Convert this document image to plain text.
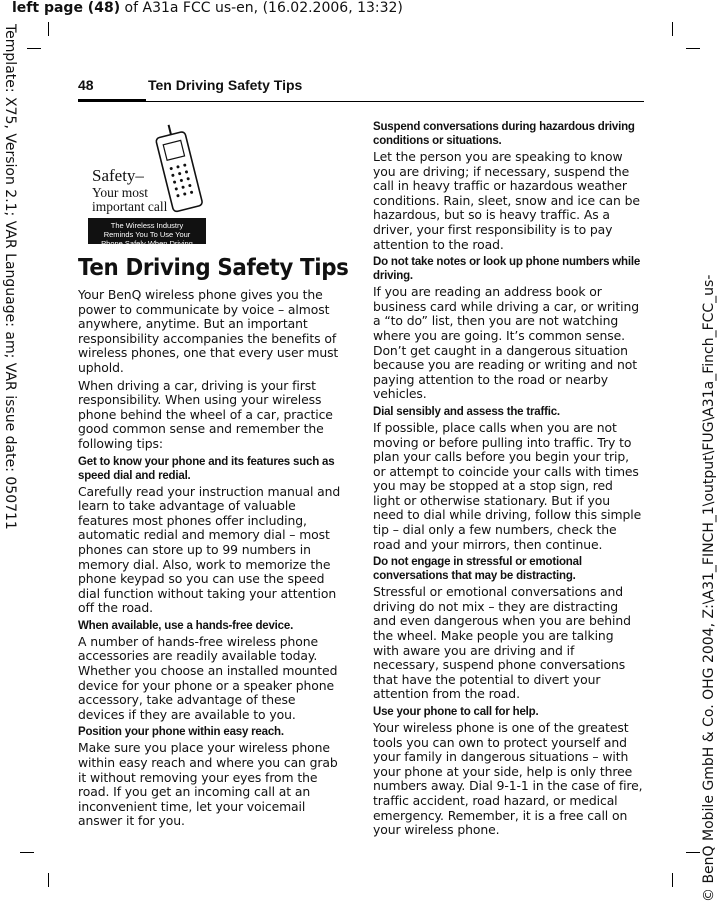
left page (48) of A31a FCC us-en, (16.02.2006, 13:32)
Template: X75, Version 2.1; VAR Language: am; VAR issue date: 050711	© BenQ Mobile GmbH & Co. OHG 2004, Z:\A31_FINCH_1\output\FUG\A31a_Finch_FCC_us-
48	Ten Driving Safety Tips
Safety–
Your most
important call
The Wireless Industry
Reminds You To Use Your
Phone Safely When Driving
Ten Driving Safety Tips

Your BenQ wireless phone gives you the power to communicate by voice – almost anywhere, anytime. But an important responsibility accompanies the benefits of wireless phones, one that every user must uphold.

When driving a car, driving is your first responsibility. When using your wireless phone behind the wheel of a car, practice good common sense and remember the following tips:

Get to know your phone and its features such as speed dial and redial.

Carefully read your instruction manual and learn to take advantage of valuable features most phones offer including, automatic redial and memory dial – most phones can store up to 99 numbers in memory dial. Also, work to memorize the phone keypad so you can use the speed dial function without taking your attention off the road.

When available, use a hands-free device.

A number of hands-free wireless phone accessories are readily available today. Whether you choose an installed mounted device for your phone or a speaker phone accessory, take advantage of these devices if they are available to you.

Position your phone within easy reach.

Make sure you place your wireless phone within easy reach and where you can grab it without removing your eyes from the road. If you get an incoming call at an inconvenient time, let your voicemail answer it for you.

Suspend conversations during hazardous driving conditions or situations.

Let the person you are speaking to know you are driving; if necessary, suspend the call in heavy traffic or hazardous weather conditions. Rain, sleet, snow and ice can be hazardous, but so is heavy traffic. As a driver, your first responsibility is to pay attention to the road.

Do not take notes or look up phone numbers while driving.

If you are reading an address book or business card while driving a car, or writing a “to do” list, then you are not watching where you are going. It’s common sense. Don’t get caught in a dangerous situation because you are reading or writing and not paying attention to the road or nearby vehicles.

Dial sensibly and assess the traffic.

If possible, place calls when you are not moving or before pulling into traffic. Try to plan your calls before you begin your trip, or attempt to coincide your calls with times you may be stopped at a stop sign, red light or otherwise stationary. But if you need to dial while driving, follow this simple tip – dial only a few numbers, check the road and your mirrors, then continue.

Do not engage in stressful or emotional conversations that may be distracting.

Stressful or emotional conversations and driving do not mix – they are distracting and even dangerous when you are behind the wheel. Make people you are talking with aware you are driving and if necessary, suspend phone conversations that have the potential to divert your attention from the road.

Use your phone to call for help.

Your wireless phone is one of the greatest tools you can own to protect yourself and your family in dangerous situations – with your phone at your side, help is only three numbers away. Dial 9-1-1 in the case of fire, traffic accident, road hazard, or medical emergency. Remember, it is a free call on your wireless phone.
